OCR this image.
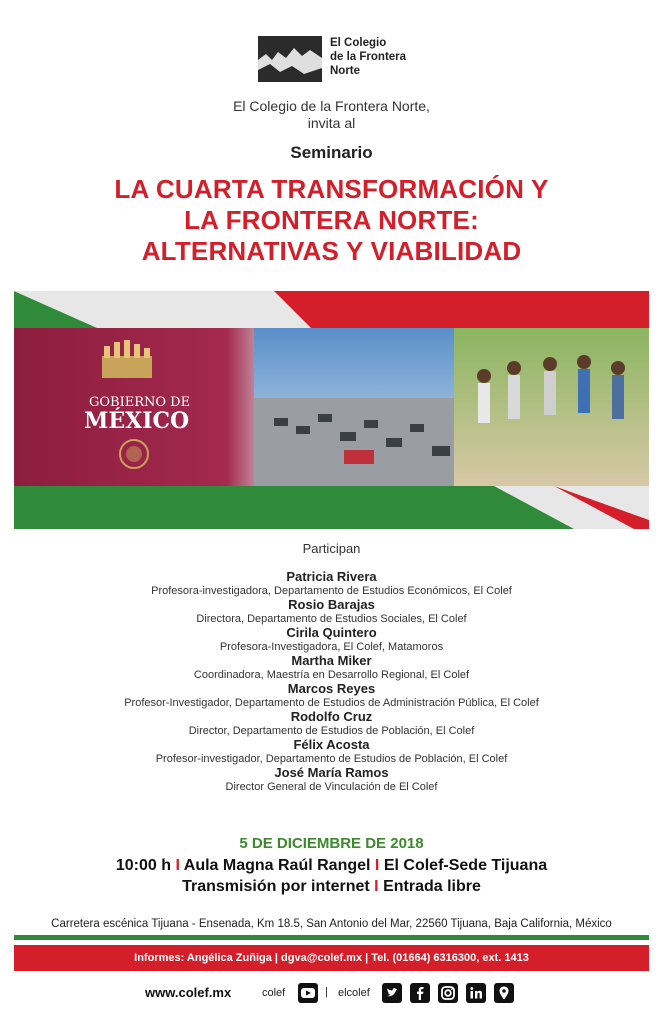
El Colegio
de la Frontera
Norte
El Colegio de la Frontera Norte,
invita al
Seminario
LA CUARTA TRANSFORMACIÓN Y
LA FRONTERA NORTE:
ALTERNATIVAS Y VIABILIDAD
GOBIERNO DE
MÉXICO
Participan
Patricia Rivera
Profesora-investigadora, Departamento de Estudios Económicos, El Colef
Rosio Barajas
Directora, Departamento de Estudios Sociales, El Colef
Cirila Quintero
Profesora-Investigadora, El Colef, Matamoros
Martha Miker
Coordinadora, Maestría en Desarrollo Regional, El Colef
Marcos Reyes
Profesor-Investigador, Departamento de Estudios de Administración Pública, El Colef
Rodolfo Cruz
Director, Departamento de Estudios de Población, El Colef
Félix Acosta
Profesor-investigador, Departamento de Estudios de Población, El Colef
José María Ramos
Director General de Vinculación de El Colef
5 DE DICIEMBRE DE 2018
10:00 h I Aula Magna Raúl Rangel I El Colef-Sede Tijuana
Transmisión por internet I Entrada libre
Carretera escénica Tijuana - Ensenada, Km 18.5, San Antonio del Mar, 22560 Tijuana, Baja California, México
Informes: Angélica Zuñiga | dgva@colef.mx | Tel. (01664) 6316300, ext. 1413
www.colef.mx	colef	| elcolef
